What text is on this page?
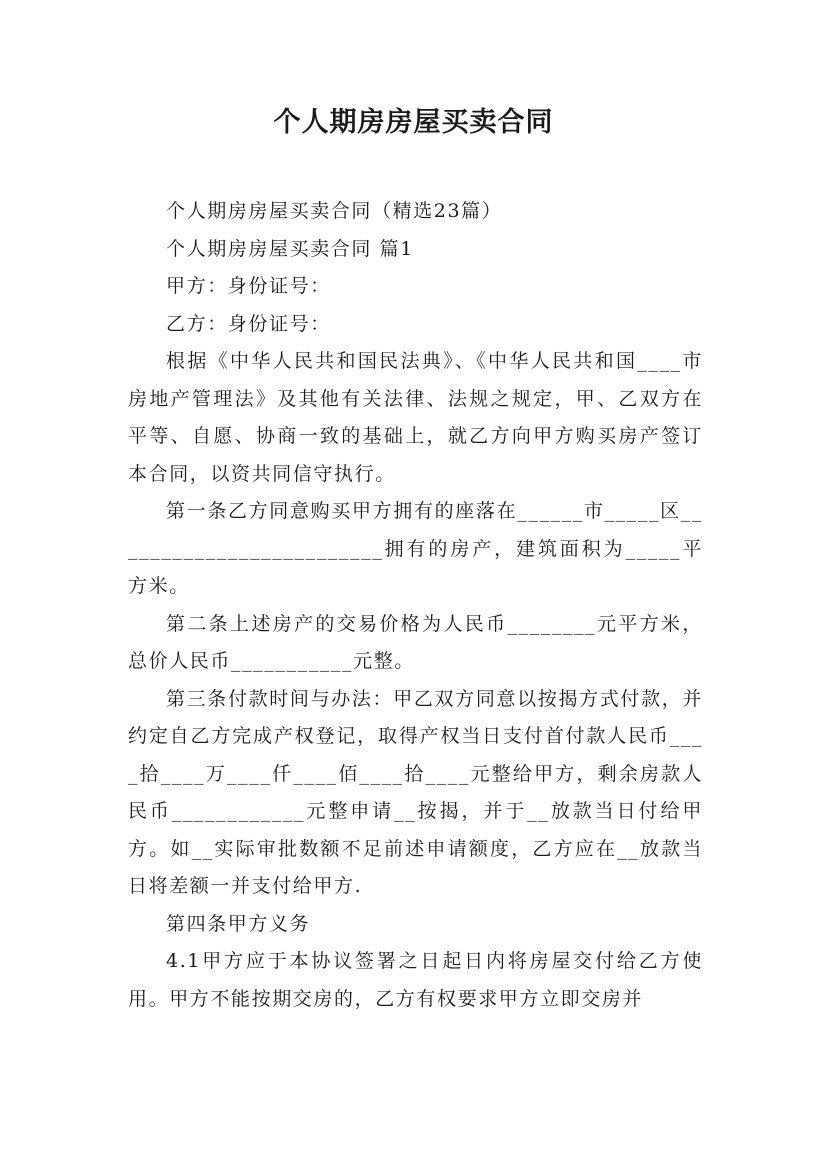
个人期房房屋买卖合同

个人期房房屋买卖合同（精选23篇）

个人期房房屋买卖合同 篇1

甲方：身份证号：

乙方：身份证号：

根据《中华人民共和国民法典》、《中华人民共和国____市房地产管理法》及其他有关法律、法规之规定，甲、乙双方在平等、自愿、协商一致的基础上，就乙方向甲方购买房产签订本合同，以资共同信守执行。

第一条乙方同意购买甲方拥有的座落在______市_____区_________________________拥有的房产，建筑面积为_____平方米。

第二条上述房产的交易价格为人民币________元平方米，总价人民币___________元整。

第三条付款时间与办法：甲乙双方同意以按揭方式付款，并约定自乙方完成产权登记，取得产权当日支付首付款人民币____拾____万____仟____佰____拾____元整给甲方，剩余房款人民币____________元整申请__按揭，并于__放款当日付给甲方。如__实际审批数额不足前述申请额度，乙方应在__放款当日将差额一并支付给甲方.

第四条甲方义务

4.1甲方应于本协议签署之日起日内将房屋交付给乙方使用。甲方不能按期交房的，乙方有权要求甲方立即交房并
